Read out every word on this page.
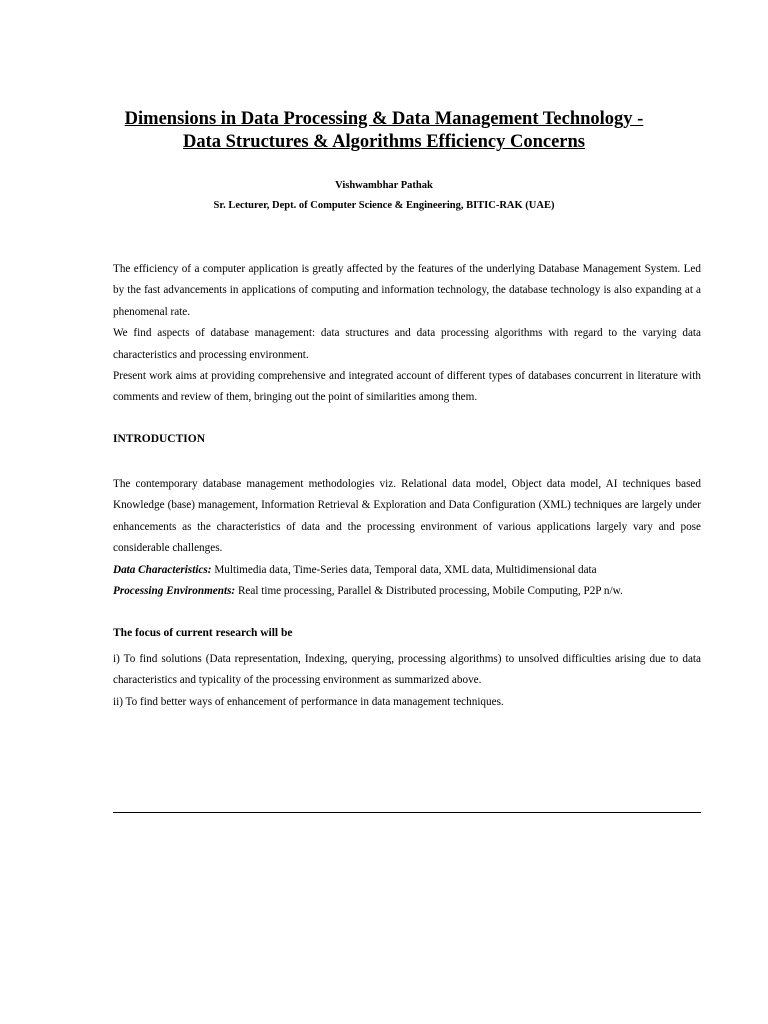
Dimensions in Data Processing & Data Management Technology -
Data Structures & Algorithms Efficiency Concerns
Vishwambhar Pathak
Sr. Lecturer, Dept. of Computer Science & Engineering, BITIC-RAK (UAE)

The efficiency of a computer application is greatly affected by the features of the underlying Database Management System. Led by the fast advancements in applications of computing and information technology, the database technology is also expanding at a phenomenal rate.

We find aspects of database management: data structures and data processing algorithms with regard to the varying data characteristics and processing environment.

Present work aims at providing comprehensive and integrated account of different types of databases concurrent in literature with comments and review of them, bringing out the point of similarities among them.

INTRODUCTION

The contemporary database management methodologies viz. Relational data model, Object data model, AI techniques based Knowledge (base) management, Information Retrieval & Exploration and Data Configuration (XML) techniques are largely under enhancements as the characteristics of data and the processing environment of various applications largely vary and pose considerable challenges.

Data Characteristics: Multimedia data, Time-Series data, Temporal data, XML data, Multidimensional data

Processing Environments: Real time processing, Parallel & Distributed processing, Mobile Computing, P2P n/w.

The focus of current research will be

i) To find solutions (Data representation, Indexing, querying, processing algorithms) to unsolved difficulties arising due to data characteristics and typicality of the processing environment as summarized above.

ii) To find better ways of enhancement of performance in data management techniques.
